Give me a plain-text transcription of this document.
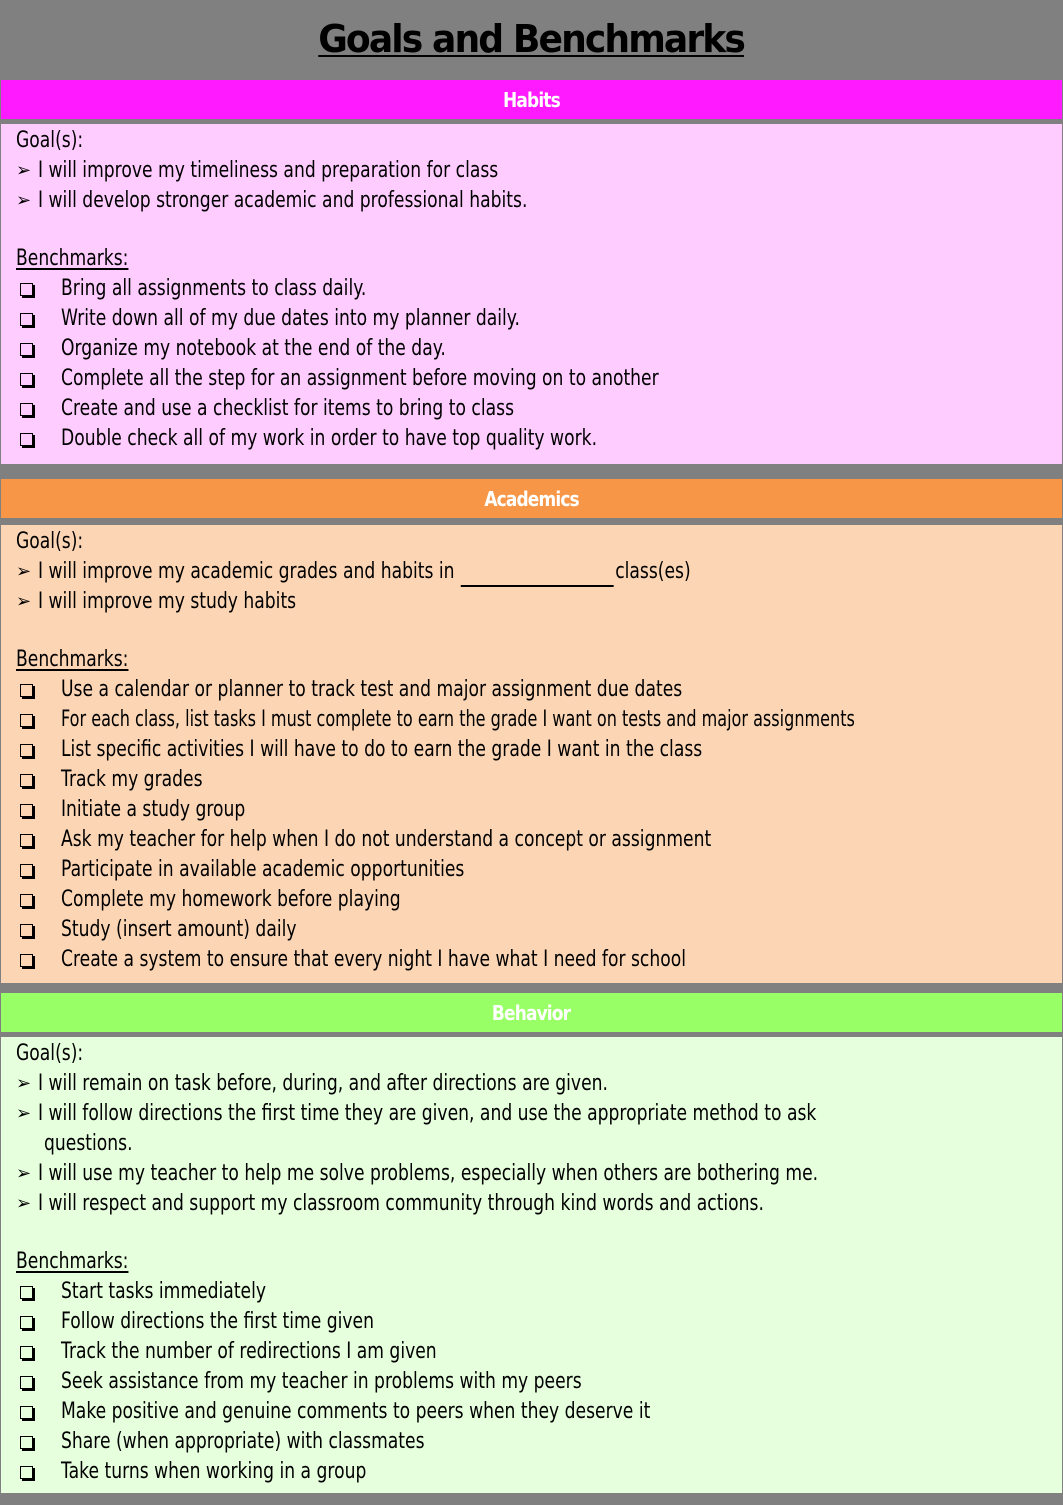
Goals and Benchmarks
Habits
Goal(s):
➢ I will improve my timeliness and preparation for class
➢ I will develop stronger academic and professional habits.
Benchmarks:
Bring all assignments to class daily.
Write down all of my due dates into my planner daily.
Organize my notebook at the end of the day.
Complete all the step for an assignment before moving on to another
Create and use a checklist for items to bring to class
Double check all of my work in order to have top quality work.
Academics
Goal(s):
➢ I will improve my academic grades and habits in	class(es)
➢ I will improve my study habits
Benchmarks:
Use a calendar or planner to track test and major assignment due dates
For each class, list tasks I must complete to earn the grade I want on tests and major assignments
List specific activities I will have to do to earn the grade I want in the class
Track my grades
Initiate a study group
Ask my teacher for help when I do not understand a concept or assignment
Participate in available academic opportunities
Complete my homework before playing
Study (insert amount) daily
Create a system to ensure that every night I have what I need for school
Behavior
Goal(s):
➢ I will remain on task before, during, and after directions are given.
➢ I will follow directions the first time they are given, and use the appropriate method to ask
questions.
➢ I will use my teacher to help me solve problems, especially when others are bothering me.
➢ I will respect and support my classroom community through kind words and actions.
Benchmarks:
Start tasks immediately
Follow directions the first time given
Track the number of redirections I am given
Seek assistance from my teacher in problems with my peers
Make positive and genuine comments to peers when they deserve it
Share (when appropriate) with classmates
Take turns when working in a group
